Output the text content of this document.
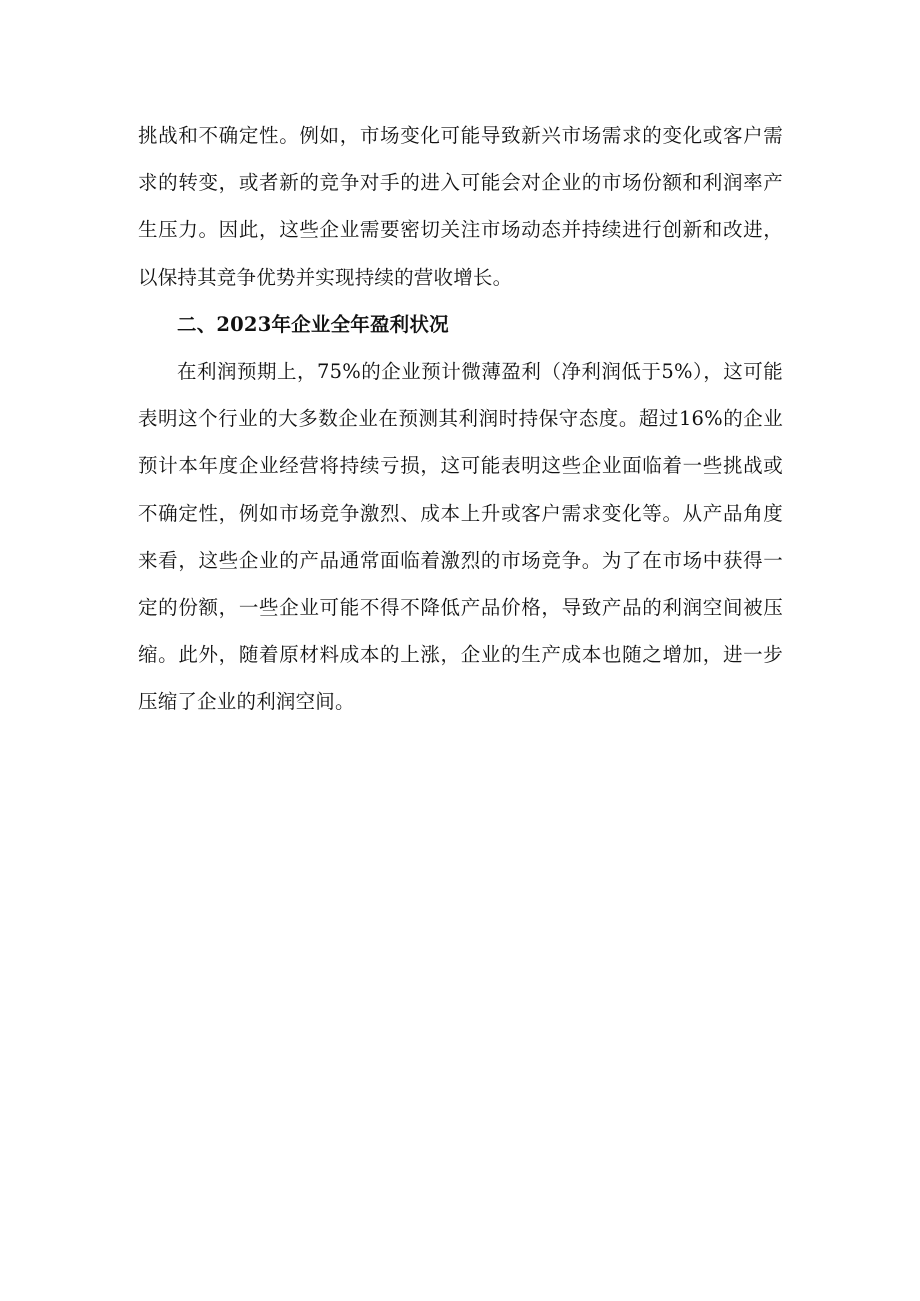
挑战和不确定性。例如，市场变化可能导致新兴市场需求的变化或客户需求的转变，或者新的竞争对手的进入可能会对企业的市场份额和利润率产生压力。因此，这些企业需要密切关注市场动态并持续进行创新和改进，以保持其竞争优势并实现持续的营收增长。

二、2023年企业全年盈利状况

在利润预期上，75%的企业预计微薄盈利（净利润低于5%），这可能表明这个行业的大多数企业在预测其利润时持保守态度。超过16%的企业预计本年度企业经营将持续亏损，这可能表明这些企业面临着一些挑战或不确定性，例如市场竞争激烈、成本上升或客户需求变化等。从产品角度来看，这些企业的产品通常面临着激烈的市场竞争。为了在市场中获得一定的份额，一些企业可能不得不降低产品价格，导致产品的利润空间被压缩。此外，随着原材料成本的上涨，企业的生产成本也随之增加，进一步压缩了企业的利润空间。
